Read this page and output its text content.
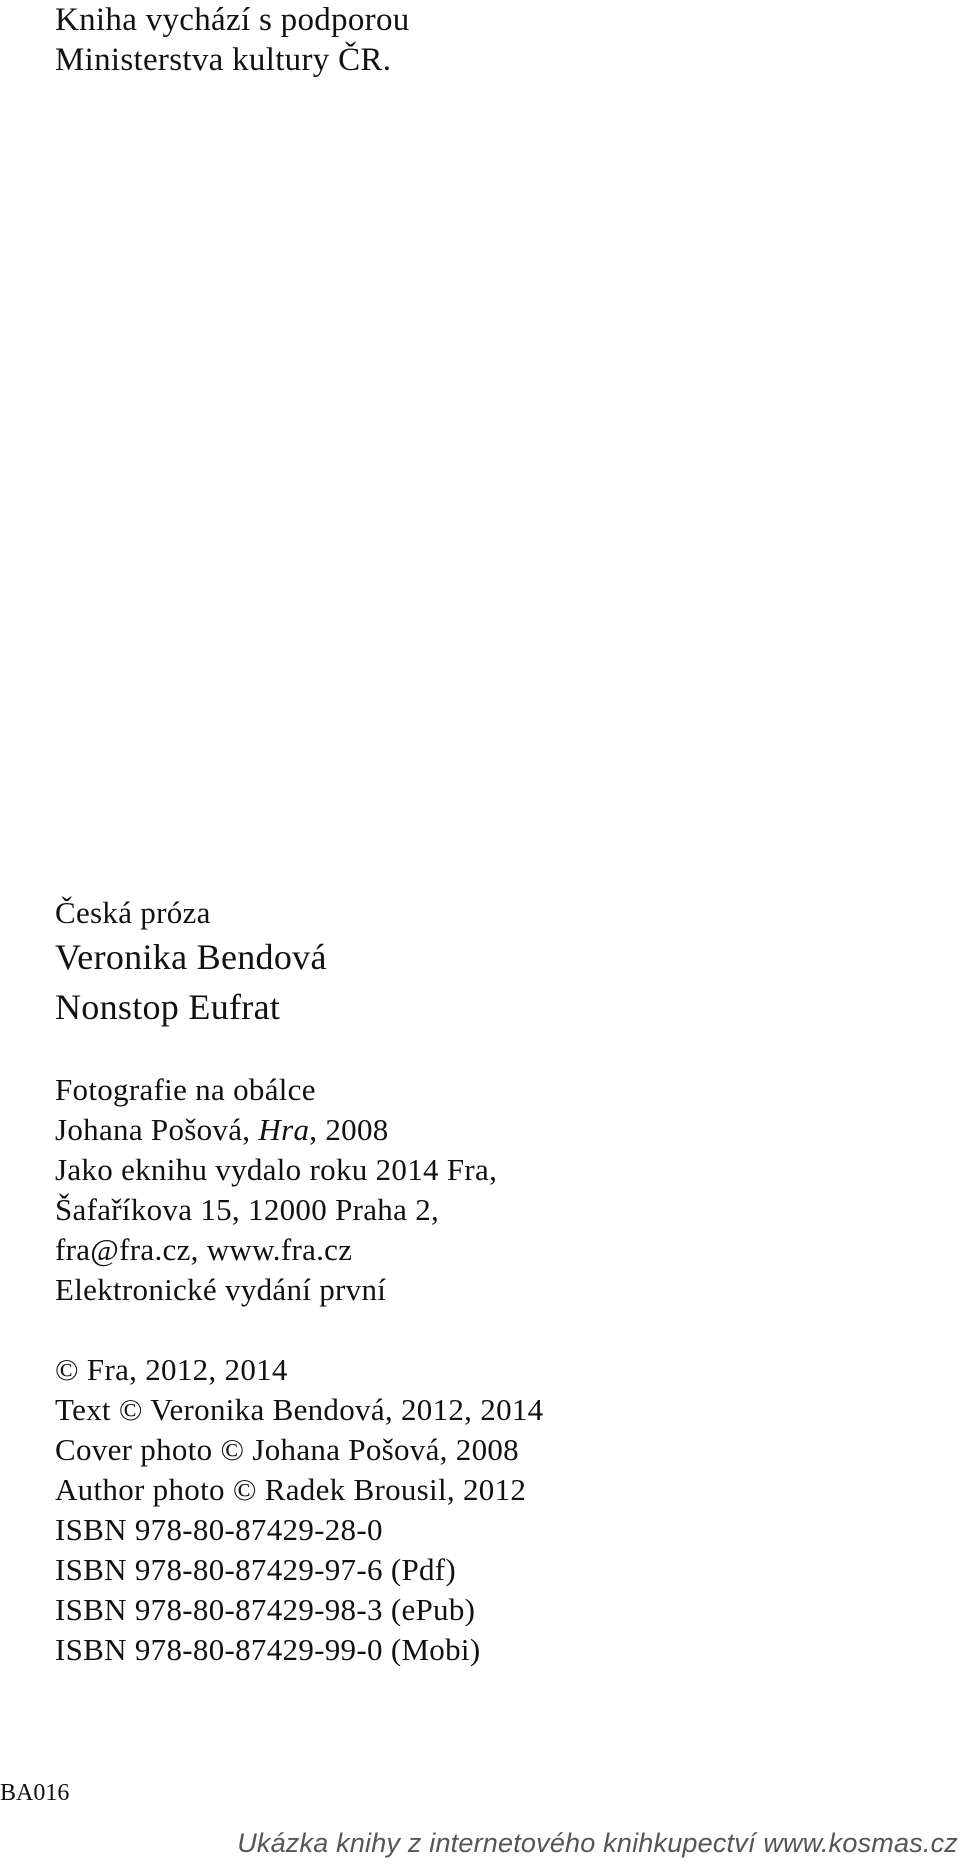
Kniha vychází s podporou
Ministerstva kultury ČR.
Česká próza
Veronika Bendová
Nonstop Eufrat
Fotografie na obálce
Johana Pošová, Hra, 2008
Jako eknihu vydalo roku 2014 Fra,
Šafaříkova 15, 12000 Praha 2,
fra@fra.cz, www.fra.cz
Elektronické vydání první
© Fra, 2012, 2014
Text © Veronika Bendová, 2012, 2014
Cover photo © Johana Pošová, 2008
Author photo © Radek Brousil, 2012
ISBN 978-80-87429-28-0
ISBN 978-80-87429-97-6 (Pdf)
ISBN 978-80-87429-98-3 (ePub)
ISBN 978-80-87429-99-0 (Mobi)
BA016
Ukázka knihy z internetového knihkupectví www.kosmas.cz
